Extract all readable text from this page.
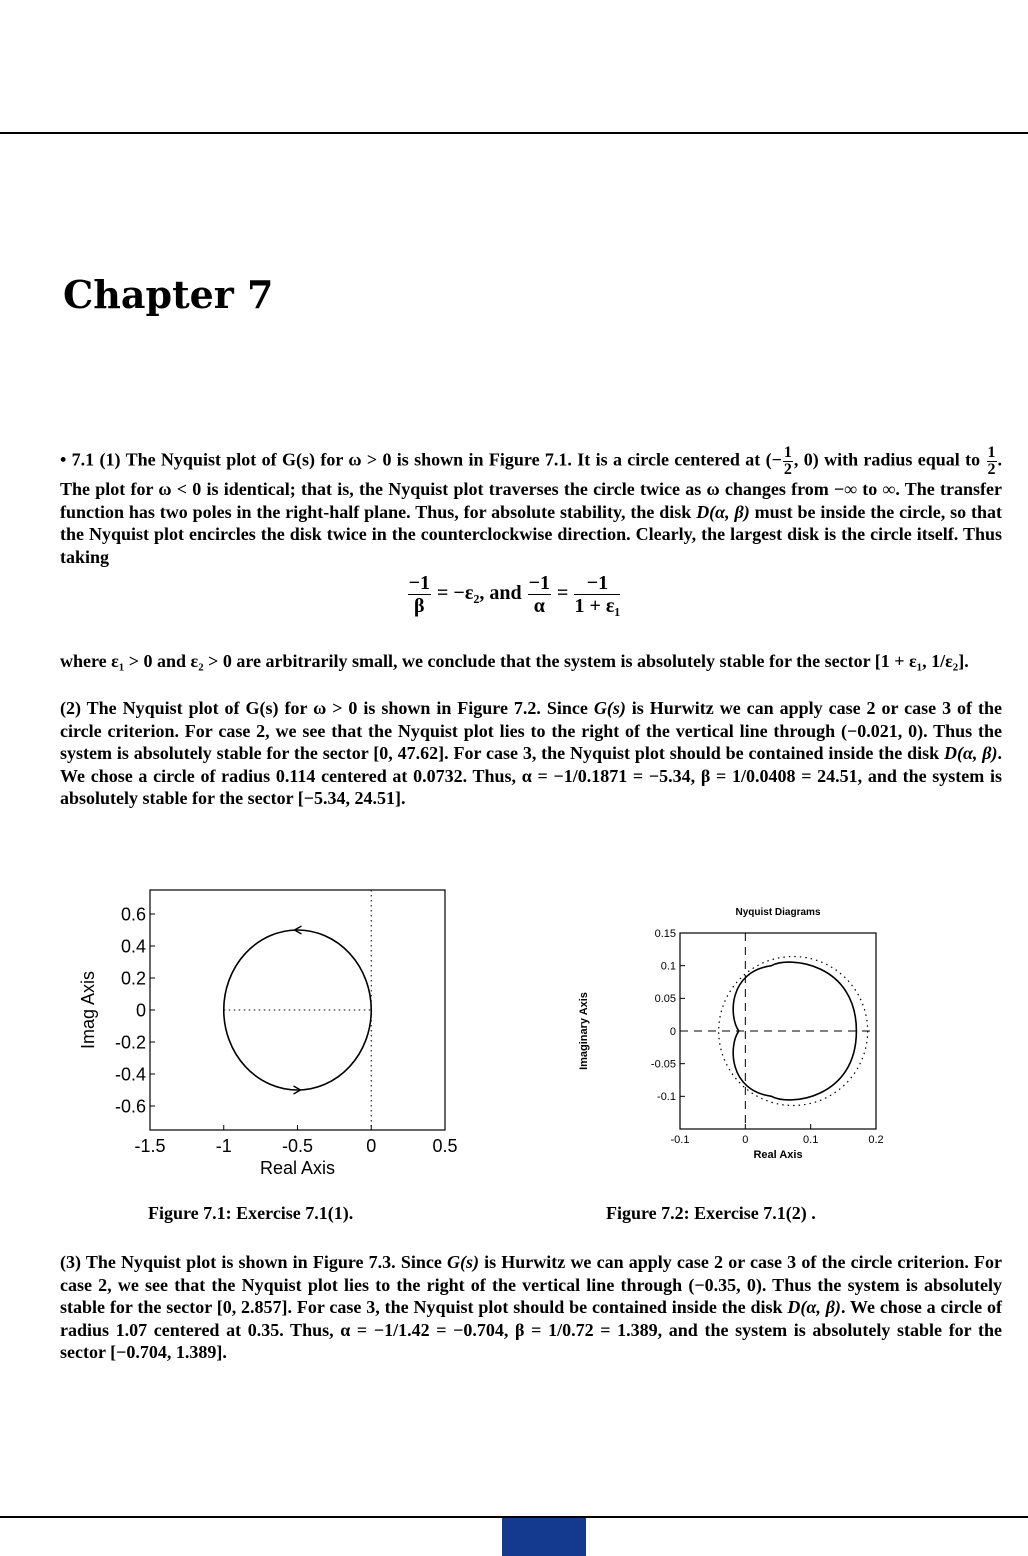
Chapter 7

• 7.1 (1) The Nyquist plot of G(s) for ω > 0 is shown in Figure 7.1. It is a circle centered at (− $\frac{1}{2}$ , 0) with radius equal to $\frac{1}{2}$ . The plot for ω < 0 is identical; that is, the Nyquist plot traverses the circle twice as ω changes from −∞ to ∞. The transfer function has two poles in the right-half plane. Thus, for absolute stability, the disk D(α, β) must be inside the circle, so that the Nyquist plot encircles the disk twice in the counterclockwise direction. Clearly, the largest disk is the circle itself. Thus taking

$\frac{-1}{\beta} = -\varepsilon_2$, and $\frac{-1}{\alpha} = \frac{-1}{\text{1 + ε₁}}$

where ε₁ > 0 and ε₂ > 0 are arbitrarily small, we conclude that the system is absolutely stable for the sector [1 + ε₁, 1/ε₂].

(2) The Nyquist plot of G(s) for ω > 0 is shown in Figure 7.2. Since G(s) is Hurwitz we can apply case 2 or case 3 of the circle criterion. For case 2, we see that the Nyquist plot lies to the right of the vertical line through (−0.021, 0). Thus the system is absolutely stable for the sector [0, 47.62]. For case 3, the Nyquist plot should be contained inside the disk D(α, β). We chose a circle of radius 0.114 centered at 0.0732. Thus, α = −1/0.1871 = −5.34, β = 1/0.0408 = 24.51, and the system is absolutely stable for the sector [−5.34, 24.51].

-1.5	-1	-0.5	0	0.5
0.6
0.4
0.2
0
-0.2
-0.4
-0.6
Real Axis
Imag Axis
Nyquist Diagrams
-0.1	0	0.1	0.2
0.15
0.1
0.05
0
-0.05
-0.1
Real Axis
Imaginary Axis
Figure 7.1: Exercise 7.1(1).	Figure 7.2: Exercise 7.1(2) .

(3) The Nyquist plot is shown in Figure 7.3. Since G(s) is Hurwitz we can apply case 2 or case 3 of the circle criterion. For case 2, we see that the Nyquist plot lies to the right of the vertical line through (−0.35, 0). Thus the system is absolutely stable for the sector [0, 2.857]. For case 3, the Nyquist plot should be contained inside the disk D(α, β). We chose a circle of radius 1.07 centered at 0.35. Thus, α = −1/1.42 = −0.704, β = 1/0.72 = 1.389, and the system is absolutely stable for the sector [−0.704, 1.389].
